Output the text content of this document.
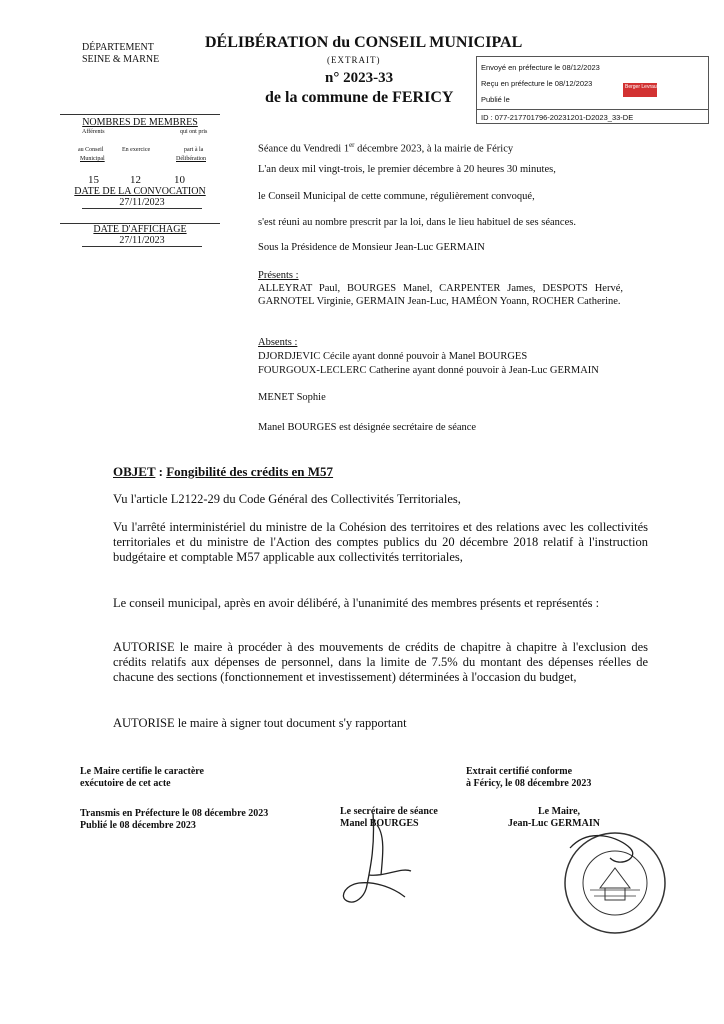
DÉPARTEMENT
SEINE & MARNE
DÉLIBÉRATION du CONSEIL MUNICIPAL
(EXTRAIT)
n° 2023-33
de la commune de FERICY
Envoyé en préfecture le 08/12/2023
Reçu en préfecture le 08/12/2023
Publié le
ID : 077-217701796-20231201-D2023_33-DE
Berger Levrault
NOMBRES DE MEMBRES
Afférents
au Conseil
Municipal
En exercice
qui ont pris
part à la
Délibération
15	12	10
DATE DE LA CONVOCATION
27/11/2023
DATE D'AFFICHAGE
27/11/2023
Séance du Vendredi 1er décembre 2023, à la mairie de Féricy
L'an deux mil vingt-trois, le premier décembre à 20 heures 30 minutes,
le Conseil Municipal de cette commune, régulièrement convoqué,
s'est réuni au nombre prescrit par la loi, dans le lieu habituel de ses séances.
Sous la Présidence de Monsieur Jean-Luc GERMAIN
Présents :
ALLEYRAT Paul, BOURGES Manel, CARPENTER James, DESPOTS Hervé, GARNOTEL Virginie, GERMAIN Jean-Luc, HAMÉON Yoann, ROCHER Catherine.
Absents :
DJORDJEVIC Cécile ayant donné pouvoir à Manel BOURGES
FOURGOUX-LECLERC Catherine ayant donné pouvoir à Jean-Luc GERMAIN
MENET Sophie
Manel BOURGES est désignée secrétaire de séance
OBJET : Fongibilité des crédits en M57
Vu l'article L2122-29 du Code Général des Collectivités Territoriales,
Vu l'arrêté interministériel du ministre de la Cohésion des territoires et des relations avec les collectivités territoriales et du ministre de l'Action des comptes publics du 20 décembre 2018 relatif à l'instruction budgétaire et comptable M57 applicable aux collectivités territoriales,
Le conseil municipal, après en avoir délibéré, à l'unanimité des membres présents et représentés :
AUTORISE le maire à procéder à des mouvements de crédits de chapitre à chapitre à l'exclusion des crédits relatifs aux dépenses de personnel, dans la limite de 7.5% du montant des dépenses réelles de chacune des sections (fonctionnement et investissement) déterminées à l'occasion du budget,
AUTORISE le maire à signer tout document s'y rapportant
Le Maire certifie le caractère
exécutoire de cet acte
Extrait certifié conforme
à Féricy, le 08 décembre 2023
Transmis en Préfecture le 08 décembre 2023
Publié le 08 décembre 2023
Le secrétaire de séance
Manel BOURGES
Le Maire,
Jean-Luc GERMAIN
